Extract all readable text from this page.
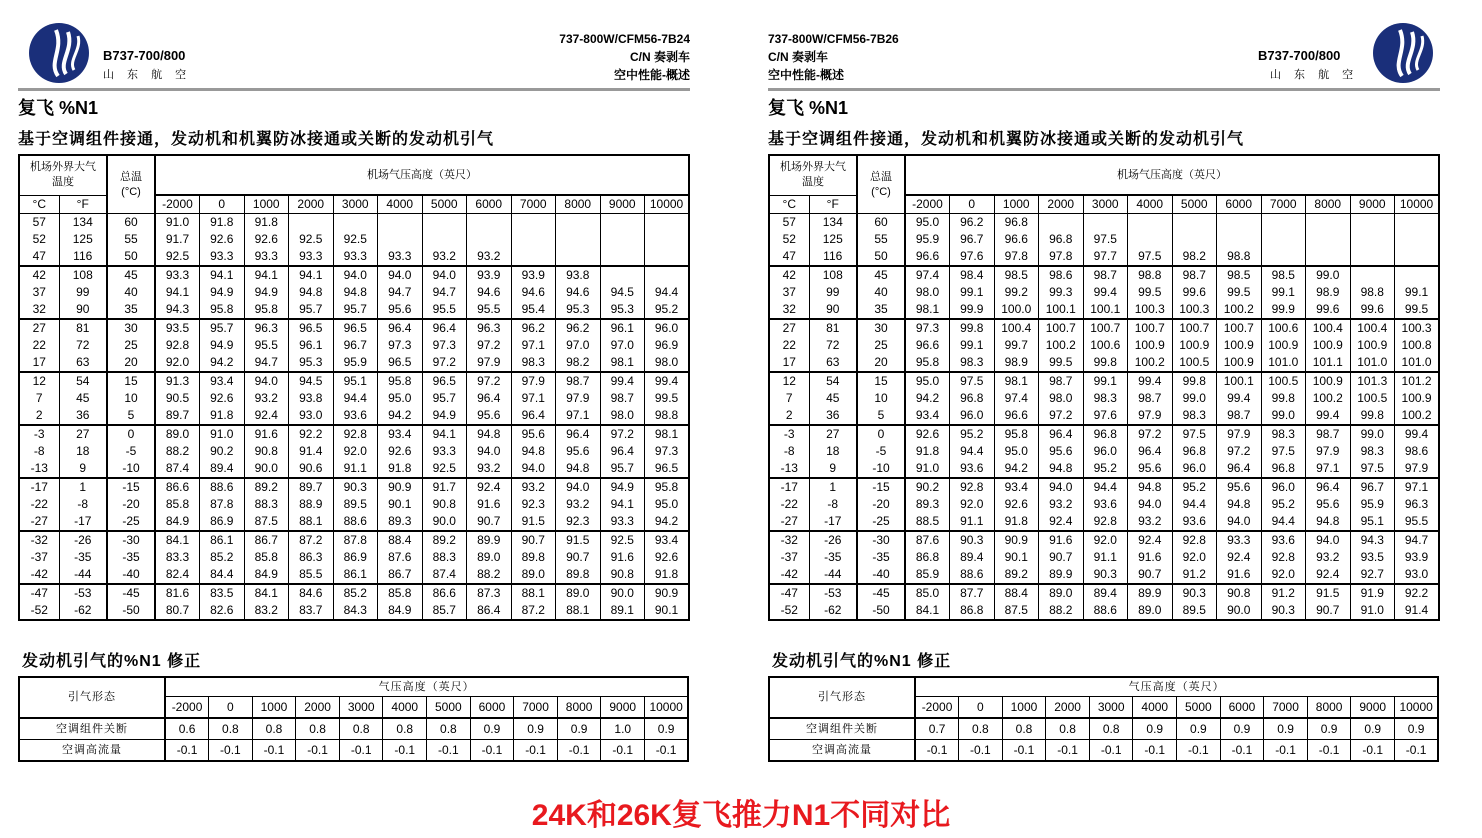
B737-700/800
山 东 航 空
737-800W/CFM56-7B24
C/N 奏剥车
空中性能-概述
复飞 %N1
基于空调组件接通，发动机和机翼防冰接通或关断的发动机引气
机场外界大气温度		总温
(°C)	机场气压高度（英尺）											
°C	°F		-2000	0	1000	2000	3000	4000	5000	6000	7000	8000	9000	10000
57	134	60	91.0	91.8	91.8									
52	125	55	91.7	92.6	92.6	92.5	92.5							
47	116	50	92.5	93.3	93.3	93.3	93.3	93.3	93.2	93.2				
42	108	45	93.3	94.1	94.1	94.1	94.0	94.0	94.0	93.9	93.9	93.8		
37	99	40	94.1	94.9	94.9	94.8	94.8	94.7	94.7	94.6	94.6	94.6	94.5	94.4
32	90	35	94.3	95.8	95.8	95.7	95.7	95.6	95.5	95.5	95.4	95.3	95.3	95.2
27	81	30	93.5	95.7	96.3	96.5	96.5	96.4	96.4	96.3	96.2	96.2	96.1	96.0
22	72	25	92.8	94.9	95.5	96.1	96.7	97.3	97.3	97.2	97.1	97.0	97.0	96.9
17	63	20	92.0	94.2	94.7	95.3	95.9	96.5	97.2	97.9	98.3	98.2	98.1	98.0
12	54	15	91.3	93.4	94.0	94.5	95.1	95.8	96.5	97.2	97.9	98.7	99.4	99.4
7	45	10	90.5	92.6	93.2	93.8	94.4	95.0	95.7	96.4	97.1	97.9	98.7	99.5
2	36	5	89.7	91.8	92.4	93.0	93.6	94.2	94.9	95.6	96.4	97.1	98.0	98.8
-3	27	0	89.0	91.0	91.6	92.2	92.8	93.4	94.1	94.8	95.6	96.4	97.2	98.1
-8	18	-5	88.2	90.2	90.8	91.4	92.0	92.6	93.3	94.0	94.8	95.6	96.4	97.3
-13	9	-10	87.4	89.4	90.0	90.6	91.1	91.8	92.5	93.2	94.0	94.8	95.7	96.5
-17	1	-15	86.6	88.6	89.2	89.7	90.3	90.9	91.7	92.4	93.2	94.0	94.9	95.8
-22	-8	-20	85.8	87.8	88.3	88.9	89.5	90.1	90.8	91.6	92.3	93.2	94.1	95.0
-27	-17	-25	84.9	86.9	87.5	88.1	88.6	89.3	90.0	90.7	91.5	92.3	93.3	94.2
-32	-26	-30	84.1	86.1	86.7	87.2	87.8	88.4	89.2	89.9	90.7	91.5	92.5	93.4
-37	-35	-35	83.3	85.2	85.8	86.3	86.9	87.6	88.3	89.0	89.8	90.7	91.6	92.6
-42	-44	-40	82.4	84.4	84.9	85.5	86.1	86.7	87.4	88.2	89.0	89.8	90.8	91.8
-47	-53	-45	81.6	83.5	84.1	84.6	85.2	85.8	86.6	87.3	88.1	89.0	90.0	90.9
-52	-62	-50	80.7	82.6	83.2	83.7	84.3	84.9	85.7	86.4	87.2	88.1	89.1	90.1
发动机引气的%N1 修正
引气形态	气压高度（英尺）											
	-2000	0	1000	2000	3000	4000	5000	6000	7000	8000	9000	10000
空调组件关断	0.6	0.8	0.8	0.8	0.8	0.8	0.8	0.9	0.9	0.9	1.0	0.9
空调高流量	-0.1	-0.1	-0.1	-0.1	-0.1	-0.1	-0.1	-0.1	-0.1	-0.1	-0.1	-0.1
737-800W/CFM56-7B26
C/N 奏剥车
空中性能-概述
B737-700/800
山 东 航 空
复飞 %N1
基于空调组件接通，发动机和机翼防冰接通或关断的发动机引气
机场外界大气温度		总温
(°C)	机场气压高度（英尺）											
°C	°F		-2000	0	1000	2000	3000	4000	5000	6000	7000	8000	9000	10000
57	134	60	95.0	96.2	96.8									
52	125	55	95.9	96.7	96.6	96.8	97.5							
47	116	50	96.6	97.6	97.8	97.8	97.7	97.5	98.2	98.8				
42	108	45	97.4	98.4	98.5	98.6	98.7	98.8	98.7	98.5	98.5	99.0		
37	99	40	98.0	99.1	99.2	99.3	99.4	99.5	99.6	99.5	99.1	98.9	98.8	99.1
32	90	35	98.1	99.9	100.0	100.1	100.1	100.3	100.3	100.2	99.9	99.6	99.6	99.5
27	81	30	97.3	99.8	100.4	100.7	100.7	100.7	100.7	100.7	100.6	100.4	100.4	100.3
22	72	25	96.6	99.1	99.7	100.2	100.6	100.9	100.9	100.9	100.9	100.9	100.9	100.8
17	63	20	95.8	98.3	98.9	99.5	99.8	100.2	100.5	100.9	101.0	101.1	101.0	101.0
12	54	15	95.0	97.5	98.1	98.7	99.1	99.4	99.8	100.1	100.5	100.9	101.3	101.2
7	45	10	94.2	96.8	97.4	98.0	98.3	98.7	99.0	99.4	99.8	100.2	100.5	100.9
2	36	5	93.4	96.0	96.6	97.2	97.6	97.9	98.3	98.7	99.0	99.4	99.8	100.2
-3	27	0	92.6	95.2	95.8	96.4	96.8	97.2	97.5	97.9	98.3	98.7	99.0	99.4
-8	18	-5	91.8	94.4	95.0	95.6	96.0	96.4	96.8	97.2	97.5	97.9	98.3	98.6
-13	9	-10	91.0	93.6	94.2	94.8	95.2	95.6	96.0	96.4	96.8	97.1	97.5	97.9
-17	1	-15	90.2	92.8	93.4	94.0	94.4	94.8	95.2	95.6	96.0	96.4	96.7	97.1
-22	-8	-20	89.3	92.0	92.6	93.2	93.6	94.0	94.4	94.8	95.2	95.6	95.9	96.3
-27	-17	-25	88.5	91.1	91.8	92.4	92.8	93.2	93.6	94.0	94.4	94.8	95.1	95.5
-32	-26	-30	87.6	90.3	90.9	91.6	92.0	92.4	92.8	93.3	93.6	94.0	94.3	94.7
-37	-35	-35	86.8	89.4	90.1	90.7	91.1	91.6	92.0	92.4	92.8	93.2	93.5	93.9
-42	-44	-40	85.9	88.6	89.2	89.9	90.3	90.7	91.2	91.6	92.0	92.4	92.7	93.0
-47	-53	-45	85.0	87.7	88.4	89.0	89.4	89.9	90.3	90.8	91.2	91.5	91.9	92.2
-52	-62	-50	84.1	86.8	87.5	88.2	88.6	89.0	89.5	90.0	90.3	90.7	91.0	91.4
发动机引气的%N1 修正
引气形态	气压高度（英尺）											
	-2000	0	1000	2000	3000	4000	5000	6000	7000	8000	9000	10000
空调组件关断	0.7	0.8	0.8	0.8	0.8	0.9	0.9	0.9	0.9	0.9	0.9	0.9
空调高流量	-0.1	-0.1	-0.1	-0.1	-0.1	-0.1	-0.1	-0.1	-0.1	-0.1	-0.1	-0.1
24K和26K复飞推力N1不同对比
